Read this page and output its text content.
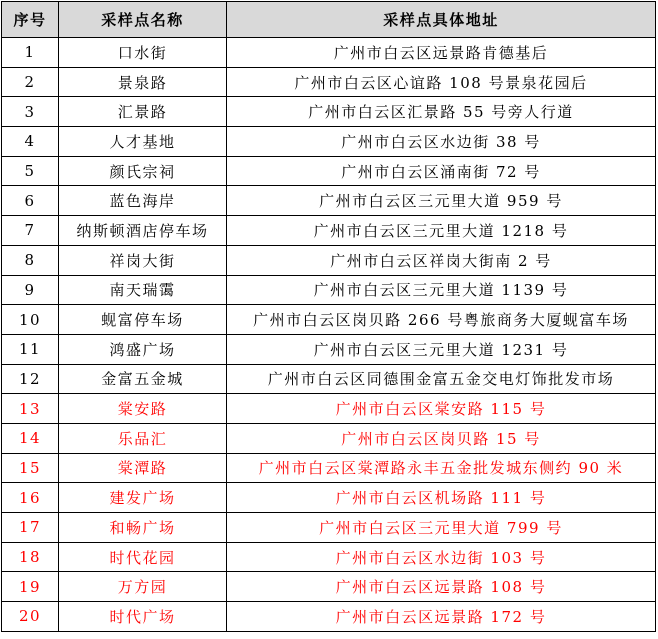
序号	采样点名称	采样点具体地址
1	口水街	广州市白云区远景路肯德基后
2	景泉路	广州市白云区心谊路 108 号景泉花园后
3	汇景路	广州市白云区汇景路 55 号旁人行道
4	人才基地	广州市白云区水边街 38 号
5	颜氏宗祠	广州市白云区涌南街 72 号
6	蓝色海岸	广州市白云区三元里大道 959 号
7	纳斯顿酒店停车场	广州市白云区三元里大道 1218 号
8	祥岗大街	广州市白云区祥岗大街南 2 号
9	南天瑞霭	广州市白云区三元里大道 1139 号
10	蚬富停车场	广州市白云区岗贝路 266 号粤旅商务大厦蚬富车场
11	鸿盛广场	广州市白云区三元里大道 1231 号
12	金富五金城	广州市白云区同德围金富五金交电灯饰批发市场
13	棠安路	广州市白云区棠安路 115 号
14	乐品汇	广州市白云区岗贝路 15 号
15	棠潭路	广州市白云区棠潭路永丰五金批发城东侧约 90 米
16	建发广场	广州市白云区机场路 111 号
17	和畅广场	广州市白云区三元里大道 799 号
18	时代花园	广州市白云区水边街 103 号
19	万方园	广州市白云区远景路 108 号
20	时代广场	广州市白云区远景路 172 号
